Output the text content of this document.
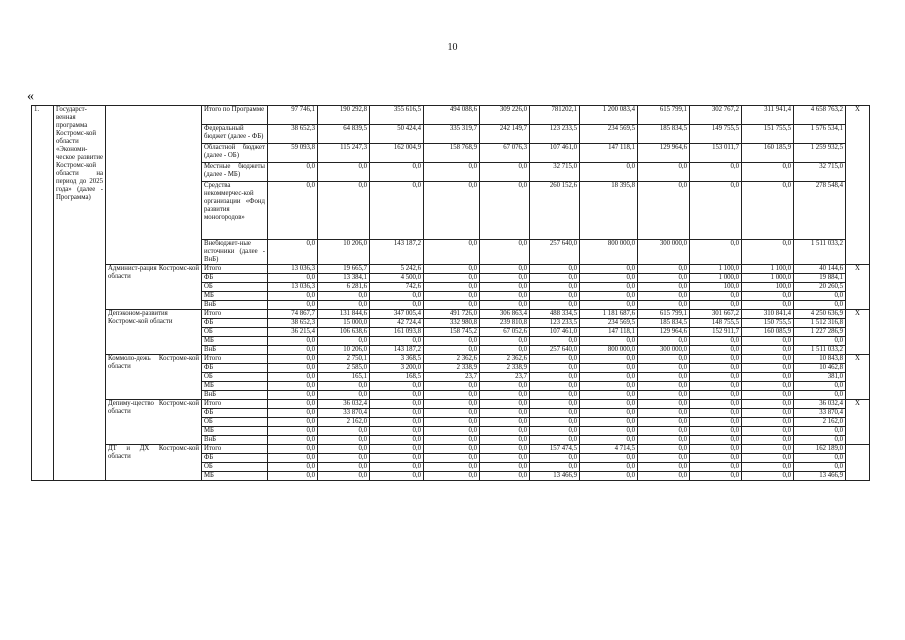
10
«
1.	Государст-венная программа Костромс-кой области «Экономи-ческое развитие Костромс-кой области на период до 2025 года» (далее - Программа)		Итого по Программе	97 746,1	190 292,8	355 616,5	494 088,6	309 226,0	781202,1	1 200 083,4	615 799,1	302 767,2	311 941,4	4 658 763,2	X
			Федеральный бюджет (далее - ФБ)	38 652,3	64 839,5	50 424,4	335 319,7	242 149,7	123 233,5	234 569,5	185 834,5	149 755,5	151 755,5	1 576 534,1	
			Областной бюджет (далее - ОБ)	59 093,8	115 247,3	162 004,9	158 768,9	67 076,3	107 461,0	147 118,1	129 964,6	153 011,7	160 185,9	1 259 932,5	
			Местные бюджеты (далее - МБ)	0,0	0,0	0,0	0,0	0,0	32 715,0	0,0	0,0	0,0	0,0	32 715,0	
			Средства некоммерчес-кой организации «Фонд развития моногородов»	0,0	0,0	0,0	0,0	0,0	260 152,6	18 395,8	0,0	0,0	0,0	278 548,4	
			Внебюджет-ные источники (далее - ВнБ)	0,0	10 206,0	143 187,2	0,0	0,0	257 640,0	800 000,0	300 000,0	0,0	0,0	1 511 033,2	
		Админист-рация Костромс-кой области	Итого	13 036,3	19 665,7	5 242,6	0,0	0,0	0,0	0,0	0,0	1 100,0	1 100,0	40 144,6	X
			ФБ	0,0	13 384,1	4 500,0	0,0	0,0	0,0	0,0	0,0	1 000,0	1 000,0	19 884,1	
			ОБ	13 036,3	6 281,6	742,6	0,0	0,0	0,0	0,0	0,0	100,0	100,0	20 260,5	
			МБ	0,0	0,0	0,0	0,0	0,0	0,0	0,0	0,0	0,0	0,0	0,0	
			ВнБ	0,0	0,0	0,0	0,0	0,0	0,0	0,0	0,0	0,0	0,0	0,0	
		Депэконом-развития Костромс-кой области	Итого	74 867,7	131 844,6	347 005,4	491 726,0	306 863,4	488 334,5	1 181 687,6	615 799,1	301 667,2	310 841,4	4 250 636,9	X
			ФБ	38 652,3	15 000,0	42 724,4	332 980,8	239 810,8	123 233,5	234 569,5	185 834,5	148 755,5	150 755,5	1 512 316,8	
			ОБ	36 215,4	106 638,6	161 093,8	158 745,2	67 052,6	107 461,0	147 118,1	129 964,6	152 911,7	160 085,9	1 227 286,9	
			МБ	0,0	0,0	0,0	0,0	0,0	0,0	0,0	0,0	0,0	0,0	0,0	
			ВнБ	0,0	10 206,0	143 187,2	0,0	0,0	257 640,0	800 000,0	300 000,0	0,0	0,0	1 511 033,2	
		Коммоло-дежь Костроме-кой области	Итого	0,0	2 750,1	3 368,5	2 362,6	2 362,6	0,0	0,0	0,0	0,0	0,0	10 843,8	X
			ФБ	0,0	2 585,0	3 200,0	2 338,9	2 338,9	0,0	0,0	0,0	0,0	0,0	10 462,8	
			ОБ	0,0	165,1	168,5	23,7	23,7	0,0	0,0	0,0	0,0	0,0	381,0	
			МБ	0,0	0,0	0,0	0,0	0,0	0,0	0,0	0,0	0,0	0,0	0,0	
			ВнБ	0,0	0,0	0,0	0,0	0,0	0,0	0,0	0,0	0,0	0,0	0,0	
		Депиму-щество Костромс-кой области	Итого	0,0	36 032,4	0,0	0,0	0,0	0,0	0,0	0,0	0,0	0,0	36 032,4	X
			ФБ	0,0	33 870,4	0,0	0,0	0,0	0,0	0,0	0,0	0,0	0,0	33 870,4	
			ОБ	0,0	2 162,0	0,0	0,0	0,0	0,0	0,0	0,0	0,0	0,0	2 162,0	
			МБ	0,0	0,0	0,0	0,0	0,0	0,0	0,0	0,0	0,0	0,0	0,0	
			ВнБ	0,0	0,0	0,0	0,0	0,0	0,0	0,0	0,0	0,0	0,0	0,0	
		ДТ и ДХ Костромс-кой области	Итого	0,0	0,0	0,0	0,0	0,0	157 474,5	4 714,5	0,0	0,0	0,0	162 189,0	
			ФБ	0,0	0,0	0,0	0,0	0,0	0,0	0,0	0,0	0,0	0,0	0,0	
			ОБ	0,0	0,0	0,0	0,0	0,0	0,0	0,0	0,0	0,0	0,0	0,0	
			МБ	0,0	0,0	0,0	0,0	0,0	13 466,9	0,0	0,0	0,0	0,0	13 466,9	
